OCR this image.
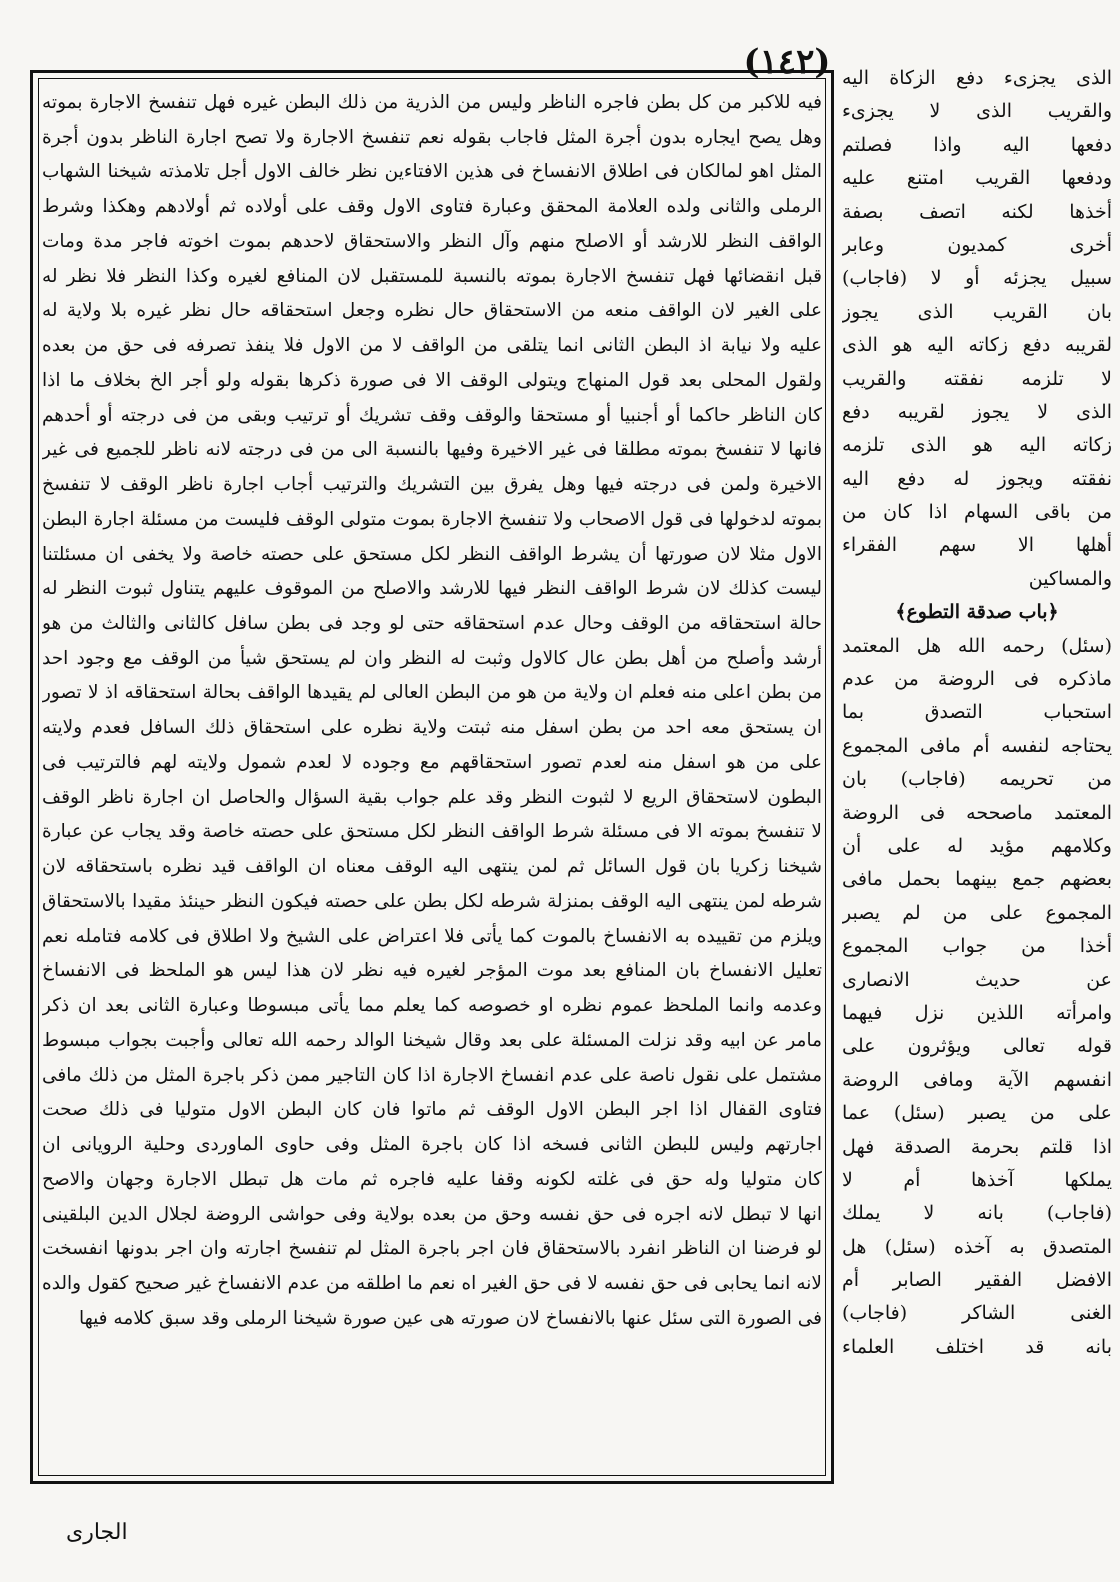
(١٤٢)
فيه للاكبر من كل بطن فاجره الناظر وليس من الذرية من ذلك البطن غيره فهل تنفسخ الاجارة بموته
وهل يصح ايجاره بدون أجرة المثل فاجاب بقوله نعم تنفسخ الاجارة ولا تصح اجارة الناظر بدون أجرة
المثل اهو لمالكان فى اطلاق الانفساخ فى هذين الافتاءين نظر خالف الاول أجل تلامذته شيخنا الشهاب
الرملى والثانى ولده العلامة المحقق وعبارة فتاوى الاول وقف على أولاده ثم أولادهم وهكذا وشرط
الواقف النظر للارشد أو الاصلح منهم وآل النظر والاستحقاق لاحدهم بموت اخوته فاجر مدة ومات
قبل انقضائها فهل تنفسخ الاجارة بموته بالنسبة للمستقبل لان المنافع لغيره وكذا النظر فلا نظر له
على الغير لان الواقف منعه من الاستحقاق حال نظره وجعل استحقاقه حال نظر غيره بلا ولاية له
عليه ولا نيابة اذ البطن الثانى انما يتلقى من الواقف لا من الاول فلا ينفذ تصرفه فى حق من بعده
ولقول المحلى بعد قول المنهاج ويتولى الوقف الا فى صورة ذكرها بقوله ولو أجر الخ بخلاف ما اذا
كان الناظر حاكما أو أجنبيا أو مستحقا والوقف وقف تشريك أو ترتيب وبقى من فى درجته أو أحدهم
فانها لا تنفسخ بموته مطلقا فى غير الاخيرة وفيها بالنسبة الى من فى درجته لانه ناظر للجميع فى غير
الاخيرة ولمن فى درجته فيها وهل يفرق بين التشريك والترتيب أجاب اجارة ناظر الوقف لا تنفسخ
بموته لدخولها فى قول الاصحاب ولا تنفسخ الاجارة بموت متولى الوقف فليست من مسئلة اجارة البطن
الاول مثلا لان صورتها أن يشرط الواقف النظر لكل مستحق على حصته خاصة ولا يخفى ان مسئلتنا
ليست كذلك لان شرط الواقف النظر فيها للارشد والاصلح من الموقوف عليهم يتناول ثبوت النظر له
حالة استحقاقه من الوقف وحال عدم استحقاقه حتى لو وجد فى بطن سافل كالثانى والثالث من هو
أرشد وأصلح من أهل بطن عال كالاول وثبت له النظر وان لم يستحق شيأ من الوقف مع وجود احد
من بطن اعلى منه فعلم ان ولاية من هو من البطن العالى لم يقيدها الواقف بحالة استحقاقه اذ لا تصور
ان يستحق معه احد من بطن اسفل منه ثبتت ولاية نظره على استحقاق ذلك السافل فعدم ولايته
على من هو اسفل منه لعدم تصور استحقاقهم مع وجوده لا لعدم شمول ولايته لهم فالترتيب فى
البطون لاستحقاق الريع لا لثبوت النظر وقد علم جواب بقية السؤال والحاصل ان اجارة ناظر الوقف
لا تنفسخ بموته الا فى مسئلة شرط الواقف النظر لكل مستحق على حصته خاصة وقد يجاب عن عبارة
شيخنا زكريا بان قول السائل ثم لمن ينتهى اليه الوقف معناه ان الواقف قيد نظره باستحقاقه لان
شرطه لمن ينتهى اليه الوقف بمنزلة شرطه لكل بطن على حصته فيكون النظر حينئذ مقيدا بالاستحقاق
ويلزم من تقييده به الانفساخ بالموت كما يأتى فلا اعتراض على الشيخ ولا اطلاق فى كلامه فتامله نعم
تعليل الانفساخ بان المنافع بعد موت المؤجر لغيره فيه نظر لان هذا ليس هو الملحظ فى الانفساخ
وعدمه وانما الملحظ عموم نظره او خصوصه كما يعلم مما يأتى مبسوطا وعبارة الثانى بعد ان ذكر
مامر عن ابيه وقد نزلت المسئلة على بعد وقال شيخنا الوالد رحمه الله تعالى وأجبت بجواب مبسوط
مشتمل على نقول ناصة على عدم انفساخ الاجارة اذا كان التاجير ممن ذكر باجرة المثل من ذلك مافى
فتاوى القفال اذا اجر البطن الاول الوقف ثم ماتوا فان كان البطن الاول متوليا فى ذلك صحت
اجارتهم وليس للبطن الثانى فسخه اذا كان باجرة المثل وفى حاوى الماوردى وحلية الرويانى ان
كان متوليا وله حق فى غلته لكونه وقفا عليه فاجره ثم مات هل تبطل الاجارة وجهان والاصح
انها لا تبطل لانه اجره فى حق نفسه وحق من بعده بولاية وفى حواشى الروضة لجلال الدين البلقينى
لو فرضنا ان الناظر انفرد بالاستحقاق فان اجر باجرة المثل لم تنفسخ اجارته وان اجر بدونها انفسخت
لانه انما يحابى فى حق نفسه لا فى حق الغير اه نعم ما اطلقه من عدم الانفساخ غير صحيح كقول والده
فى الصورة التى سئل عنها بالانفساخ لان صورته هى عين صورة شيخنا الرملى وقد سبق كلامه فيها
الذى يجزىء دفع الزكاة اليه
والقريب الذى لا يجزىء
دفعها اليه واذا فصلتم
ودفعها القريب امتنع عليه
أخذها لكنه اتصف بصفة
أخرى كمديون وعابر
سبيل يجزئه أو لا (فاجاب)
بان القريب الذى يجوز
لقريبه دفع زكاته اليه هو الذى
لا تلزمه نفقته والقريب
الذى لا يجوز لقريبه دفع
زكاته اليه هو الذى تلزمه
نفقته ويجوز له دفع اليه
من باقى السهام اذا كان من
أهلها الا سهم الفقراء
والمساكين
﴿باب صدقة التطوع﴾
(سئل) رحمه الله هل المعتمد
ماذكره فى الروضة من عدم
استحباب التصدق بما
يحتاجه لنفسه أم مافى المجموع
من تحريمه (فاجاب) بان
المعتمد ماصححه فى الروضة
وكلامهم مؤيد له على أن
بعضهم جمع بينهما بحمل مافى
المجموع على من لم يصبر
أخذا من جواب المجموع
عن حديث الانصارى
وامرأته اللذين نزل فيهما
قوله تعالى ويؤثرون على
انفسهم الآية ومافى الروضة
على من يصبر (سئل) عما
اذا قلتم بحرمة الصدقة فهل
يملكها آخذها أم لا
(فاجاب) بانه لا يملك
المتصدق به آخذه (سئل) هل
الافضل الفقير الصابر أم
الغنى الشاكر (فاجاب)
بانه قد اختلف العلماء
الجارى
